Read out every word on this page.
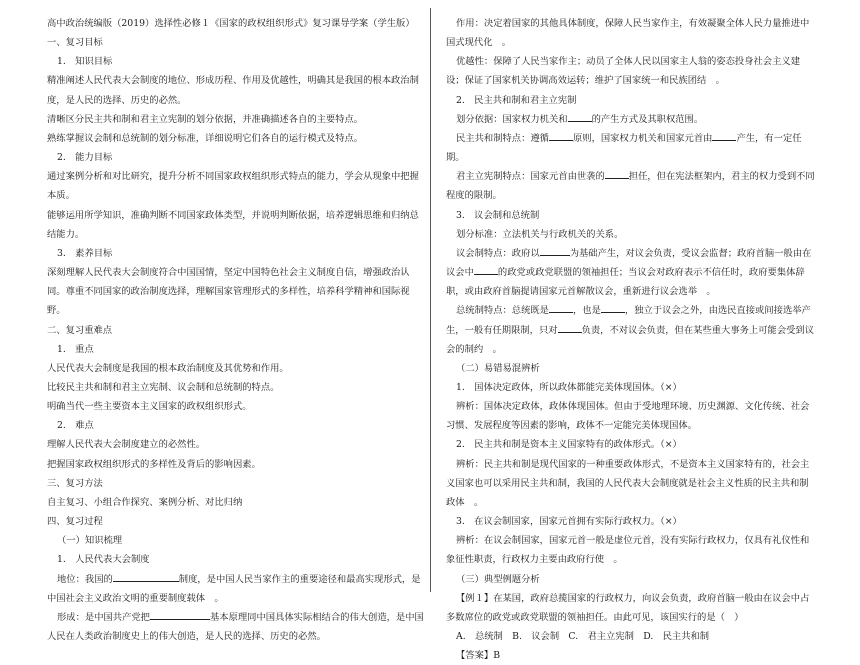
高中政治统编版（2019）选择性必修１《国家的政权组织形式》复习课导学案（学生版）

一、复习目标

1.　知识目标

精准阐述人民代表大会制度的地位、形成历程、作用及优越性，明确其是我国的根本政治制度，是人民的选择、历史的必然。

清晰区分民主共和制和君主立宪制的划分依据，并准确描述各自的主要特点。

熟练掌握议会制和总统制的划分标准，详细说明它们各自的运行模式及特点。

2.　能力目标

通过案例分析和对比研究，提升分析不同国家政权组织形式特点的能力，学会从现象中把握本质。

能够运用所学知识，准确判断不同国家政体类型，并说明判断依据，培养逻辑思维和归纳总结能力。

3.　素养目标

深刻理解人民代表大会制度符合中国国情，坚定中国特色社会主义制度自信，增强政治认同。尊重不同国家的政治制度选择，理解国家管理形式的多样性，培养科学精神和国际视野。

二、复习重难点

1.　重点

人民代表大会制度是我国的根本政治制度及其优势和作用。

比较民主共和制和君主立宪制、议会制和总统制的特点。

明确当代一些主要资本主义国家的政权组织形式。

2.　难点

理解人民代表大会制度建立的必然性。

把握国家政权组织形式的多样性及背后的影响因素。

三、复习方法

自主复习、小组合作探究、案例分析、对比归纳

四、复习过程

（一）知识梳理

1.　人民代表大会制度

地位：我国的	制度，是中国人民当家作主的重要途径和最高实现形式，是中国社会主义政治文明的重要制度载体　。

形成：是中国共产党把	基本原理同中国具体实际相结合的伟大创造，是中国人民在人类政治制度史上的伟大创造，是人民的选择、历史的必然。

作用：决定着国家的其他具体制度，保障人民当家作主，有效凝聚全体人民力量推进中国式现代化　。

优越性：保障了人民当家作主；动员了全体人民以国家主人翁的姿态投身社会主义建设；保证了国家机关协调高效运转；维护了国家统一和民族团结　。

2.　民主共和制和君主立宪制

划分依据：国家权力机关和	的产生方式及其职权范围。

民主共和制特点：遵循	原则，国家权力机关和国家元首由	产生，有一定任期。

君主立宪制特点：国家元首由世袭的	担任，但在宪法框架内，君主的权力受到不同程度的限制。

3.　议会制和总统制

划分标准：立法机关与行政机关的关系。

议会制特点：政府以	为基础产生，对议会负责，受议会监督；政府首脑一般由在议会中	的政党或政党联盟的领袖担任；当议会对政府表示不信任时，政府要集体辞职，或由政府首脑提请国家元首解散议会，重新进行议会选举　。

总统制特点：总统既是	，也是	，独立于议会之外，由选民直接或间接选举产生，一般有任期限制，只对	负责，不对议会负责，但在某些重大事务上可能会受到议会的制约　。

（二）易错易混辨析

1.　国体决定政体，所以政体都能完美体现国体。（×）

辨析：国体决定政体，政体体现国体。但由于受地理环境、历史渊源、文化传统、社会习惯、发展程度等因素的影响，政体不一定能完美体现国体。

2.　民主共和制是资本主义国家特有的政体形式。（×）

辨析：民主共和制是现代国家的一种重要政体形式，不是资本主义国家特有的，社会主义国家也可以采用民主共和制，我国的人民代表大会制度就是社会主义性质的民主共和制政体　。

3.　在议会制国家，国家元首拥有实际行政权力。（×）

辨析：在议会制国家，国家元首一般是虚位元首，没有实际行政权力，仅具有礼仪性和象征性职责，行政权力主要由政府行使　。

（三）典型例题分析

【例１】在某国，政府总揽国家的行政权力，向议会负责，政府首脑一般由在议会中占多数席位的政党或政党联盟的领袖担任。由此可见，该国实行的是（　）

A.　总统制　B.　议会制　C.　君主立宪制　D.　民主共和制

【答案】B
